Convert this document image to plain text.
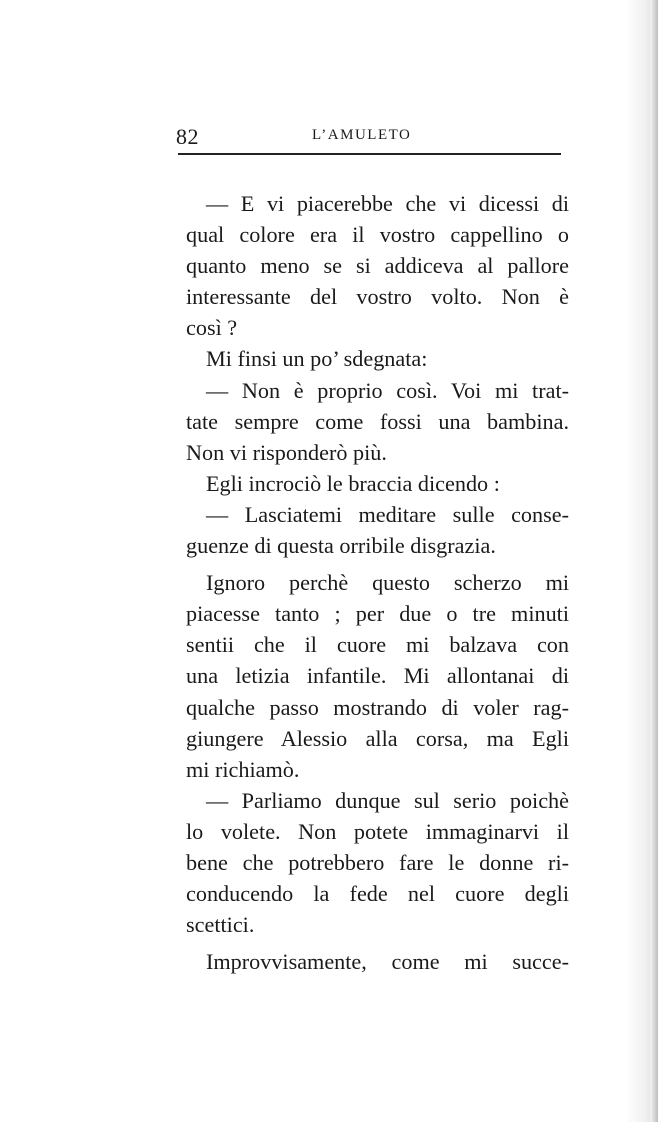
82	L’AMULETO
— E vi piacerebbe che vi dicessi di
qual colore era il vostro cappellino o
quanto meno se si addiceva al pallore
interessante del vostro volto. Non è
così ?
Mi finsi un po’ sdegnata:
— Non è proprio così. Voi mi trat-
tate sempre come fossi una bambina.
Non vi risponderò più.
Egli incrociò le braccia dicendo :
— Lasciatemi meditare sulle conse-
guenze di questa orribile disgrazia.
Ignoro perchè questo scherzo mi
piacesse tanto ; per due o tre minuti
sentii che il cuore mi balzava con
una letizia infantile. Mi allontanai di
qualche passo mostrando di voler rag-
giungere Alessio alla corsa, ma Egli
mi richiamò.
— Parliamo dunque sul serio poichè
lo volete. Non potete immaginarvi il
bene che potrebbero fare le donne ri-
conducendo la fede nel cuore degli
scettici.
Improvvisamente, come mi succe-
